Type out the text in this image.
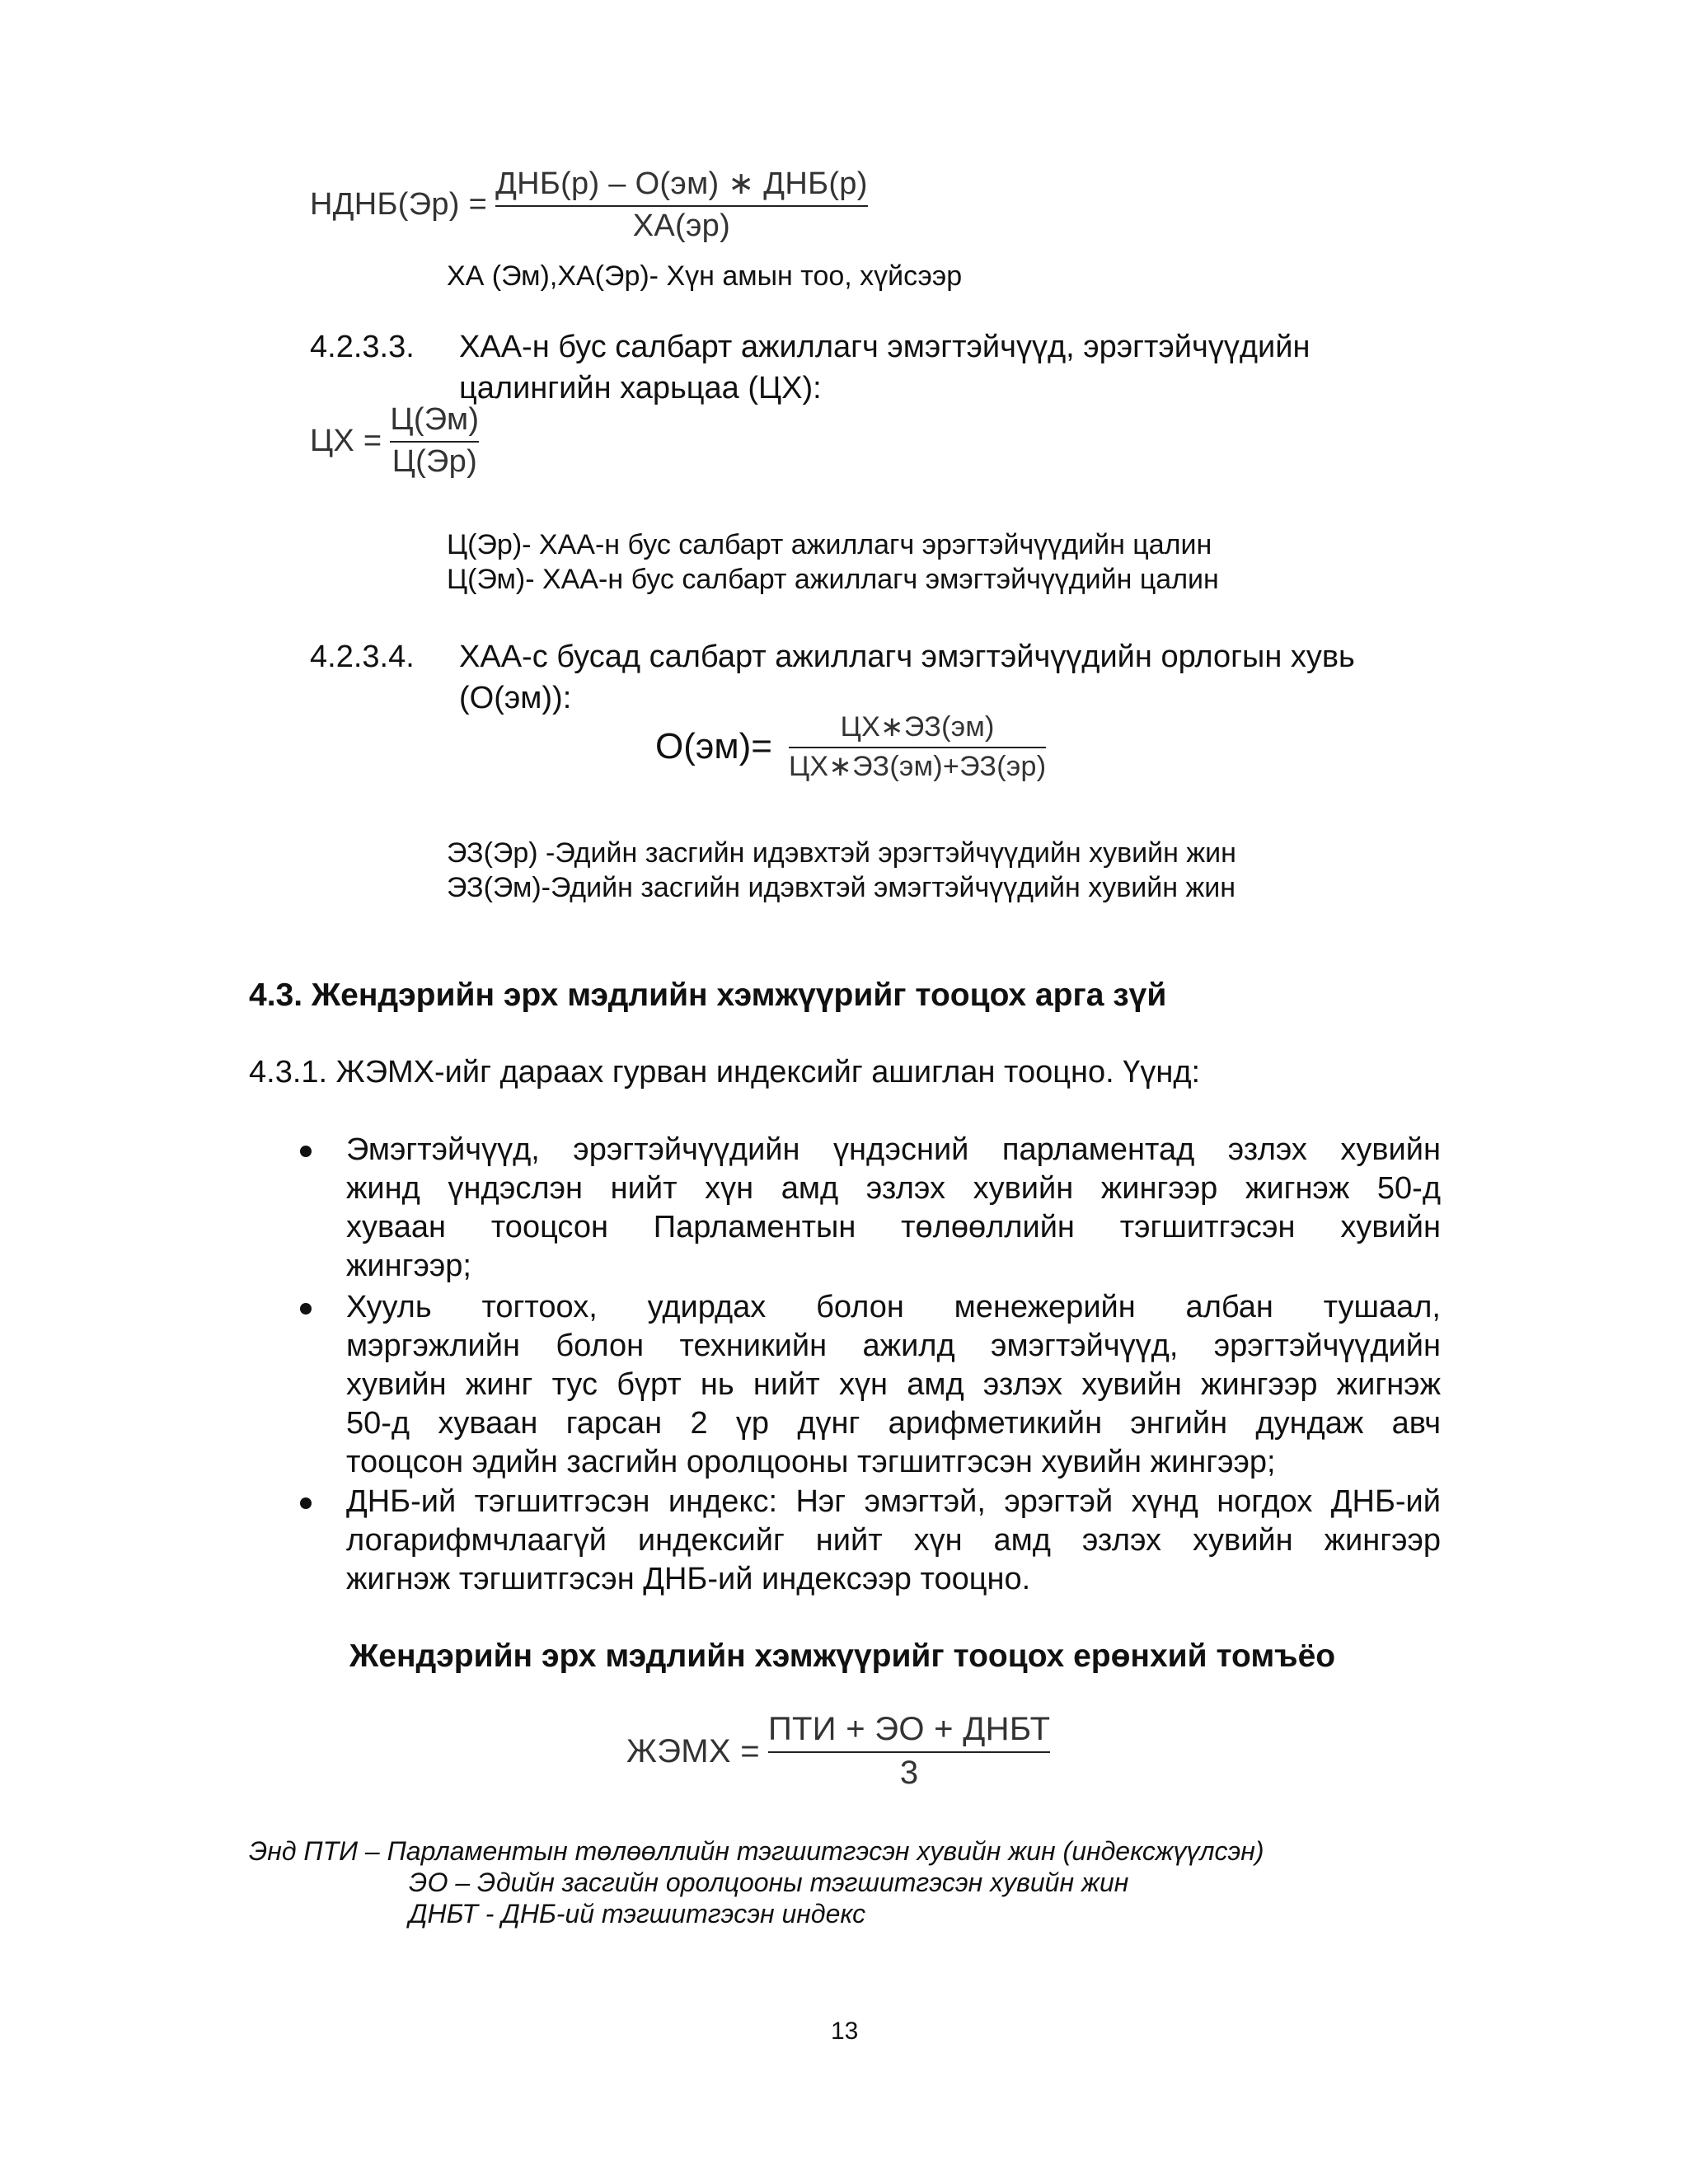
НДНБ(Эр) = $\frac{\text{ДНБ(р) – О(эм) ∗ ДНБ(р)}}{ХА(эр)}$
ХА (Эм),ХА(Эр)- Хүн амын тоо, хүйсээр
4.2.3.3. ХАА-н бус салбарт ажиллагч эмэгтэйчүүд, эрэгтэйчүүдийн
цалингийн харьцаа (ЦХ):
ЦХ = $\frac{Ц(Эм)}{Ц(Эр)}$
Ц(Эр)- ХАА-н бус салбарт ажиллагч эрэгтэйчүүдийн цалин
Ц(Эм)- ХАА-н бус салбарт ажиллагч эмэгтэйчүүдийн цалин
4.2.3.4. ХАА-с бусад салбарт ажиллагч эмэгтэйчүүдийн орлогын хувь
(О(эм)):
$О(эм)= \frac{ЦХ∗ЭЗ(эм)}{ЦХ∗ЭЗ(эм)+ЭЗ(эр)}$
ЭЗ(Эр) -Эдийн засгийн идэвхтэй эрэгтэйчүүдийн хувийн жин
ЭЗ(Эм)-Эдийн засгийн идэвхтэй эмэгтэйчүүдийн хувийн жин
4.3. Жендэрийн эрх мэдлийн хэмжүүрийг тооцох арга зүй
4.3.1. ЖЭМХ-ийг дараах гурван индексийг ашиглан тооцно. Үүнд:
Эмэгтэйчүүд, эрэгтэйчүүдийн үндэсний парламентад эзлэх хувийн
жинд үндэслэн нийт хүн амд эзлэх хувийн жингээр жигнэж 50-д
хуваан тооцсон Парламентын төлөөллийн тэгшитгэсэн хувийн
жингээр;
Хууль тогтоох, удирдах болон менежерийн албан тушаал,
мэргэжлийн болон техникийн ажилд эмэгтэйчүүд, эрэгтэйчүүдийн
хувийн жинг тус бүрт нь нийт хүн амд эзлэх хувийн жингээр жигнэж
50-д хуваан гарсан 2 үр дүнг арифметикийн энгийн дундаж авч
тооцсон эдийн засгийн оролцооны тэгшитгэсэн хувийн жингээр;
ДНБ-ий тэгшитгэсэн индекс: Нэг эмэгтэй, эрэгтэй хүнд ногдох ДНБ-ий
логарифмчлаагүй индексийг нийт хүн амд эзлэх хувийн жингээр
жигнэж тэгшитгэсэн ДНБ-ий индексээр тооцно.
Жендэрийн эрх мэдлийн хэмжүүрийг тооцох ерөнхий томъёо
ЖЭМХ = $\frac{\text{ПТИ + ЭО + ДНБТ}}{3}$
Энд ПТИ – Парламентын төлөөллийн тэгшитгэсэн хувийн жин (индексжүүлсэн)
ЭО – Эдийн засгийн оролцооны тэгшитгэсэн хувийн жин
ДНБТ - ДНБ-ий тэгшитгэсэн индекс
13
